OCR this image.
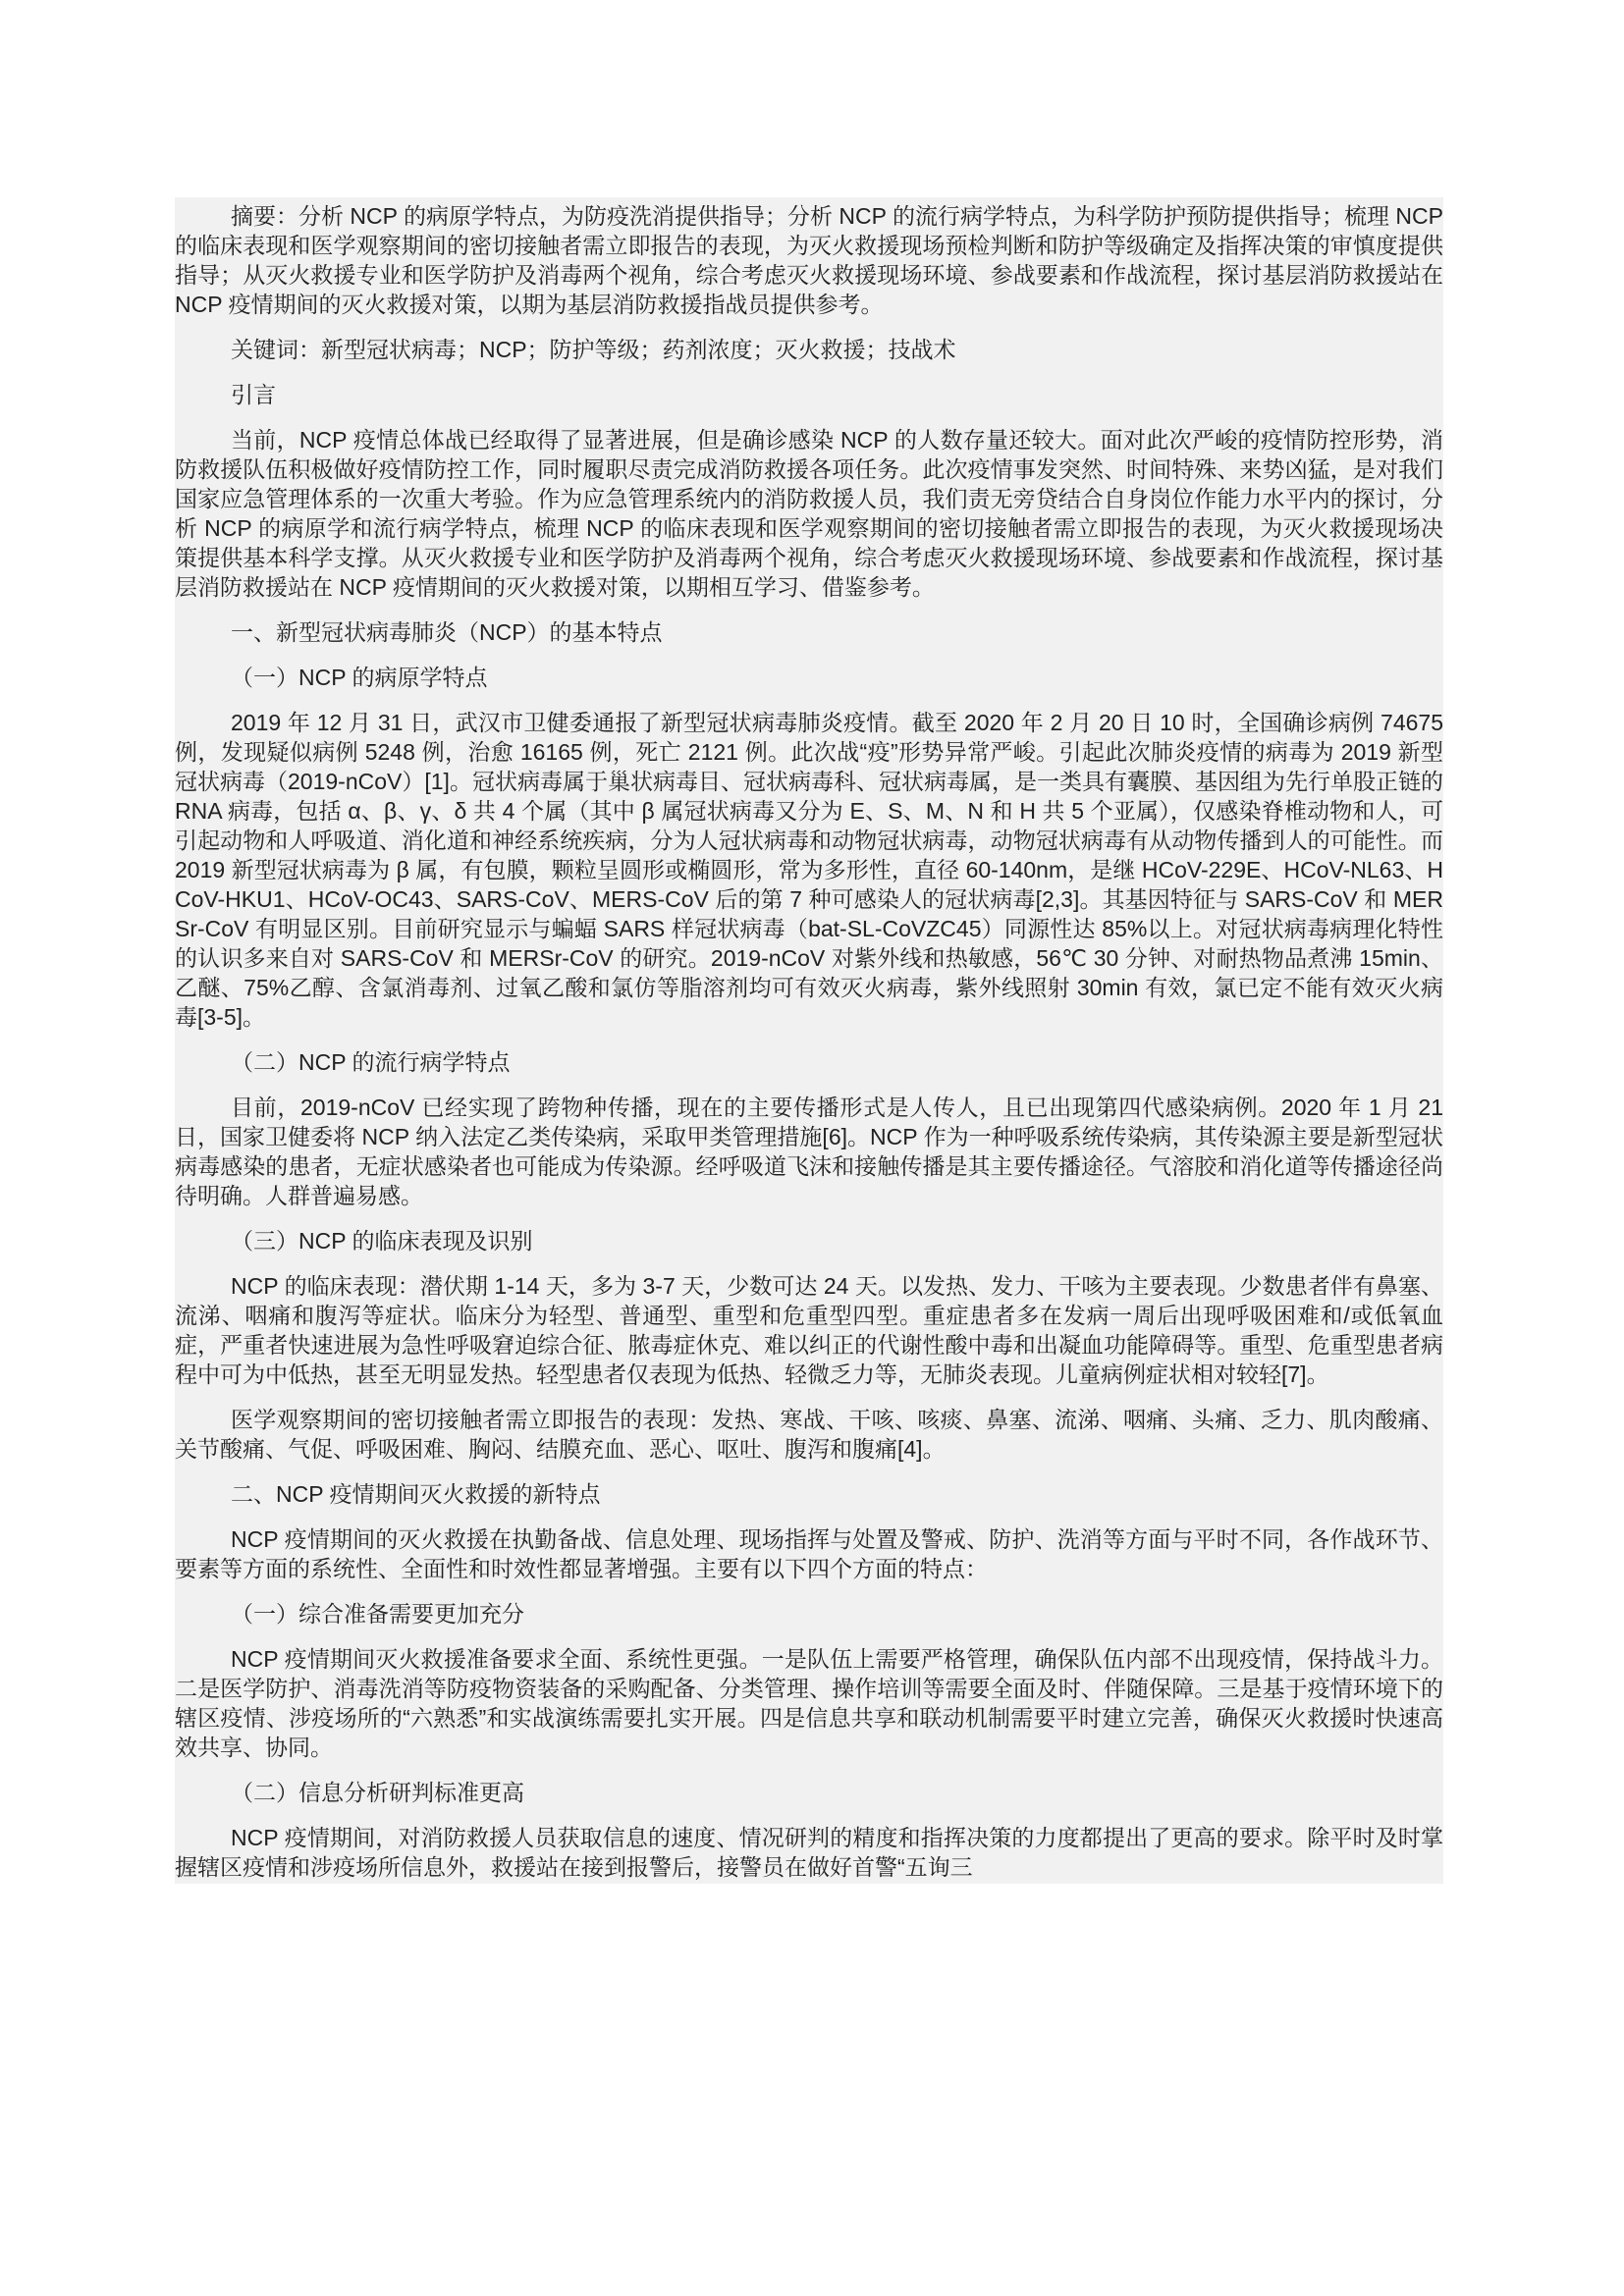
摘要：分析 NCP 的病原学特点，为防疫洗消提供指导；分析 NCP 的流行病学特点，为科学防护预防提供指导；梳理 NCP 的临床表现和医学观察期间的密切接触者需立即报告的表现，为灭火救援现场预检判断和防护等级确定及指挥决策的审慎度提供指导；从灭火救援专业和医学防护及消毒两个视角，综合考虑灭火救援现场环境、参战要素和作战流程，探讨基层消防救援站在 NCP 疫情期间的灭火救援对策，以期为基层消防救援指战员提供参考。

关键词：新型冠状病毒；NCP；防护等级；药剂浓度；灭火救援；技战术

引言

当前，NCP 疫情总体战已经取得了显著进展，但是确诊感染 NCP 的人数存量还较大。面对此次严峻的疫情防控形势，消防救援队伍积极做好疫情防控工作，同时履职尽责完成消防救援各项任务。此次疫情事发突然、时间特殊、来势凶猛，是对我们国家应急管理体系的一次重大考验。作为应急管理系统内的消防救援人员，我们责无旁贷结合自身岗位作能力水平内的探讨，分析 NCP 的病原学和流行病学特点，梳理 NCP 的临床表现和医学观察期间的密切接触者需立即报告的表现，为灭火救援现场决策提供基本科学支撑。从灭火救援专业和医学防护及消毒两个视角，综合考虑灭火救援现场环境、参战要素和作战流程，探讨基层消防救援站在 NCP 疫情期间的灭火救援对策，以期相互学习、借鉴参考。

一、新型冠状病毒肺炎（NCP）的基本特点

（一）NCP 的病原学特点

2019 年 12 月 31 日，武汉市卫健委通报了新型冠状病毒肺炎疫情。截至 2020 年 2 月 20 日 10 时，全国确诊病例 74675 例，发现疑似病例 5248 例，治愈 16165 例，死亡 2121 例。此次战“疫”形势异常严峻。引起此次肺炎疫情的病毒为 2019 新型冠状病毒（2019-nCoV）[1]。冠状病毒属于巢状病毒目、冠状病毒科、冠状病毒属，是一类具有囊膜、基因组为先行单股正链的 RNA 病毒，包括 α、β、γ、δ 共 4 个属（其中 β 属冠状病毒又分为 E、S、M、N 和 H 共 5 个亚属），仅感染脊椎动物和人，可引起动物和人呼吸道、消化道和神经系统疾病，分为人冠状病毒和动物冠状病毒，动物冠状病毒有从动物传播到人的可能性。而 2019 新型冠状病毒为 β 属，有包膜，颗粒呈圆形或椭圆形，常为多形性，直径 60-140nm，是继 HCoV-229E、HCoV-NL63、HCoV-HKU1、HCoV-OC43、SARS-CoV、MERS-CoV 后的第 7 种可感染人的冠状病毒[2,3]。其基因特征与 SARS-CoV 和 MERSr-CoV 有明显区别。目前研究显示与蝙蝠 SARS 样冠状病毒（bat-SL-CoVZC45）同源性达 85%以上。对冠状病毒病理化特性的认识多来自对 SARS-CoV 和 MERSr-CoV 的研究。2019-nCoV 对紫外线和热敏感，56℃ 30 分钟、对耐热物品煮沸 15min、乙醚、75%乙醇、含氯消毒剂、过氧乙酸和氯仿等脂溶剂均可有效灭火病毒，紫外线照射 30min 有效，氯已定不能有效灭火病毒[3-5]。

（二）NCP 的流行病学特点

目前，2019-nCoV 已经实现了跨物种传播，现在的主要传播形式是人传人，且已出现第四代感染病例。2020 年 1 月 21 日，国家卫健委将 NCP 纳入法定乙类传染病，采取甲类管理措施[6]。NCP 作为一种呼吸系统传染病，其传染源主要是新型冠状病毒感染的患者，无症状感染者也可能成为传染源。经呼吸道飞沫和接触传播是其主要传播途径。气溶胶和消化道等传播途径尚待明确。人群普遍易感。

（三）NCP 的临床表现及识别

NCP 的临床表现：潜伏期 1-14 天，多为 3-7 天，少数可达 24 天。以发热、发力、干咳为主要表现。少数患者伴有鼻塞、流涕、咽痛和腹泻等症状。临床分为轻型、普通型、重型和危重型四型。重症患者多在发病一周后出现呼吸困难和/或低氧血症，严重者快速进展为急性呼吸窘迫综合征、脓毒症休克、难以纠正的代谢性酸中毒和出凝血功能障碍等。重型、危重型患者病程中可为中低热，甚至无明显发热。轻型患者仅表现为低热、轻微乏力等，无肺炎表现。儿童病例症状相对较轻[7]。

医学观察期间的密切接触者需立即报告的表现：发热、寒战、干咳、咳痰、鼻塞、流涕、咽痛、头痛、乏力、肌肉酸痛、关节酸痛、气促、呼吸困难、胸闷、结膜充血、恶心、呕吐、腹泻和腹痛[4]。

二、NCP 疫情期间灭火救援的新特点

NCP 疫情期间的灭火救援在执勤备战、信息处理、现场指挥与处置及警戒、防护、洗消等方面与平时不同，各作战环节、要素等方面的系统性、全面性和时效性都显著增强。主要有以下四个方面的特点：

（一）综合准备需要更加充分

NCP 疫情期间灭火救援准备要求全面、系统性更强。一是队伍上需要严格管理，确保队伍内部不出现疫情，保持战斗力。二是医学防护、消毒洗消等防疫物资装备的采购配备、分类管理、操作培训等需要全面及时、伴随保障。三是基于疫情环境下的辖区疫情、涉疫场所的“六熟悉”和实战演练需要扎实开展。四是信息共享和联动机制需要平时建立完善，确保灭火救援时快速高效共享、协同。

（二）信息分析研判标准更高

NCP 疫情期间，对消防救援人员获取信息的速度、情况研判的精度和指挥决策的力度都提出了更高的要求。除平时及时掌握辖区疫情和涉疫场所信息外，救援站在接到报警后，接警员在做好首警“五询三
